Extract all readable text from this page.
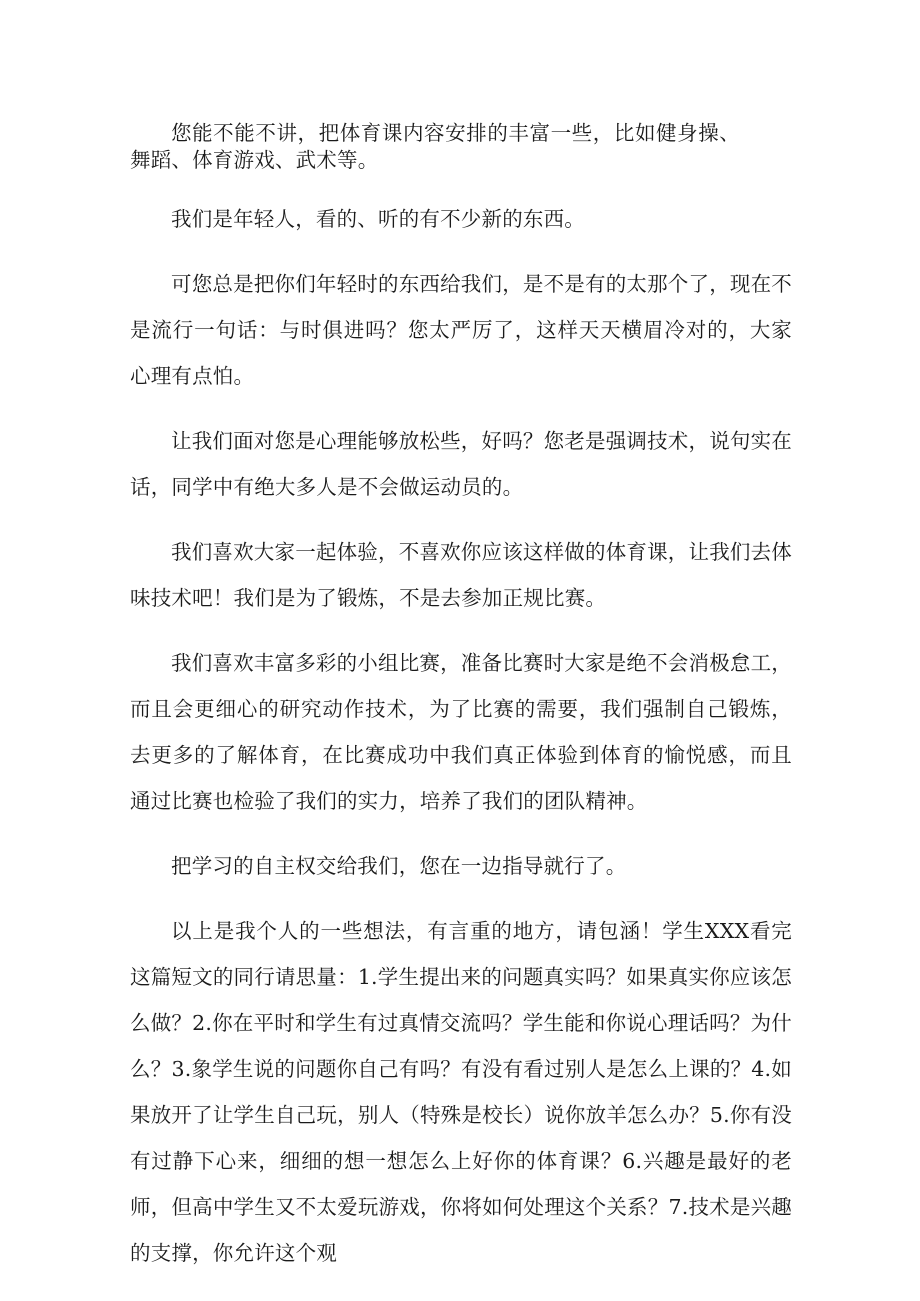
您能不能不讲，把体育课内容安排的丰富一些，比如健身操、舞蹈、体育游戏、武术等。

我们是年轻人，看的、听的有不少新的东西。

可您总是把你们年轻时的东西给我们，是不是有的太那个了，现在不是流行一句话：与时俱进吗？您太严厉了，这样天天横眉冷对的，大家心理有点怕。

让我们面对您是心理能够放松些，好吗？您老是强调技术，说句实在话，同学中有绝大多人是不会做运动员的。

我们喜欢大家一起体验，不喜欢你应该这样做的体育课，让我们去体味技术吧！我们是为了锻炼，不是去参加正规比赛。

我们喜欢丰富多彩的小组比赛，准备比赛时大家是绝不会消极怠工，而且会更细心的研究动作技术，为了比赛的需要，我们强制自己锻炼，去更多的了解体育，在比赛成功中我们真正体验到体育的愉悦感，而且通过比赛也检验了我们的实力，培养了我们的团队精神。

把学习的自主权交给我们，您在一边指导就行了。

以上是我个人的一些想法，有言重的地方，请包涵！学生XXX看完这篇短文的同行请思量：1.学生提出来的问题真实吗？如果真实你应该怎么做？2.你在平时和学生有过真情交流吗？学生能和你说心理话吗？为什么？3.象学生说的问题你自己有吗？有没有看过别人是怎么上课的？4.如果放开了让学生自己玩，别人（特殊是校长）说你放羊怎么办？5.你有没有过静下心来，细细的想一想怎么上好你的体育课？6.兴趣是最好的老师，但高中学生又不太爱玩游戏，你将如何处理这个关系？7.技术是兴趣的支撑，你允许这个观
